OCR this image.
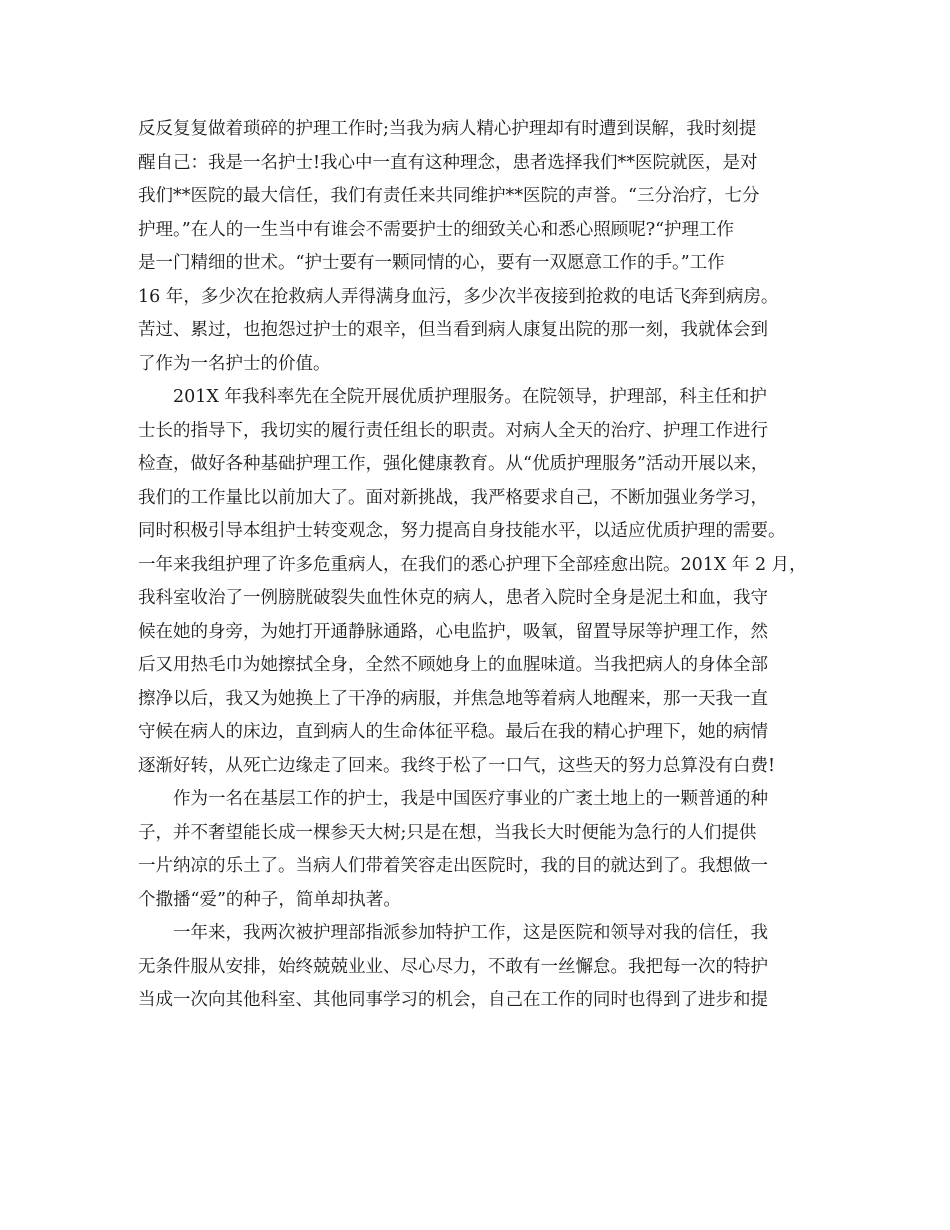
反反复复做着琐碎的护理工作时;当我为病人精心护理却有时遭到误解，我时刻提
醒自己：我是一名护士!我心中一直有这种理念，患者选择我们**医院就医，是对
我们**医院的最大信任，我们有责任来共同维护**医院的声誉。“三分治疗，七分
护理。”在人的一生当中有谁会不需要护士的细致关心和悉心照顾呢?“护理工作
是一门精细的世术。“护士要有一颗同情的心，要有一双愿意工作的手。”工作
16 年，多少次在抢救病人弄得满身血污，多少次半夜接到抢救的电话飞奔到病房。
苦过、累过，也抱怨过护士的艰辛，但当看到病人康复出院的那一刻，我就体会到
了作为一名护士的价值。
　　201X 年我科率先在全院开展优质护理服务。在院领导，护理部，科主任和护
士长的指导下，我切实的履行责任组长的职责。对病人全天的治疗、护理工作进行
检查，做好各种基础护理工作，强化健康教育。从“优质护理服务”活动开展以来，
我们的工作量比以前加大了。面对新挑战，我严格要求自己，不断加强业务学习，
同时积极引导本组护士转变观念，努力提高自身技能水平，以适应优质护理的需要。
一年来我组护理了许多危重病人，在我们的悉心护理下全部痊愈出院。201X 年 2 月，
我科室收治了一例膀胱破裂失血性休克的病人，患者入院时全身是泥土和血，我守
候在她的身旁，为她打开通静脉通路，心电监护，吸氧，留置导尿等护理工作，然
后又用热毛巾为她擦拭全身，全然不顾她身上的血腥味道。当我把病人的身体全部
擦净以后，我又为她换上了干净的病服，并焦急地等着病人地醒来，那一天我一直
守候在病人的床边，直到病人的生命体征平稳。最后在我的精心护理下，她的病情
逐渐好转，从死亡边缘走了回来。我终于松了一口气，这些天的努力总算没有白费!
　　作为一名在基层工作的护士，我是中国医疗事业的广袤土地上的一颗普通的种
子，并不奢望能长成一棵参天大树;只是在想，当我长大时便能为急行的人们提供
一片纳凉的乐土了。当病人们带着笑容走出医院时，我的目的就达到了。我想做一
个撒播“爱”的种子，简单却执著。
　　一年来，我两次被护理部指派参加特护工作，这是医院和领导对我的信任，我
无条件服从安排，始终兢兢业业、尽心尽力，不敢有一丝懈怠。我把每一次的特护
当成一次向其他科室、其他同事学习的机会，自己在工作的同时也得到了进步和提
